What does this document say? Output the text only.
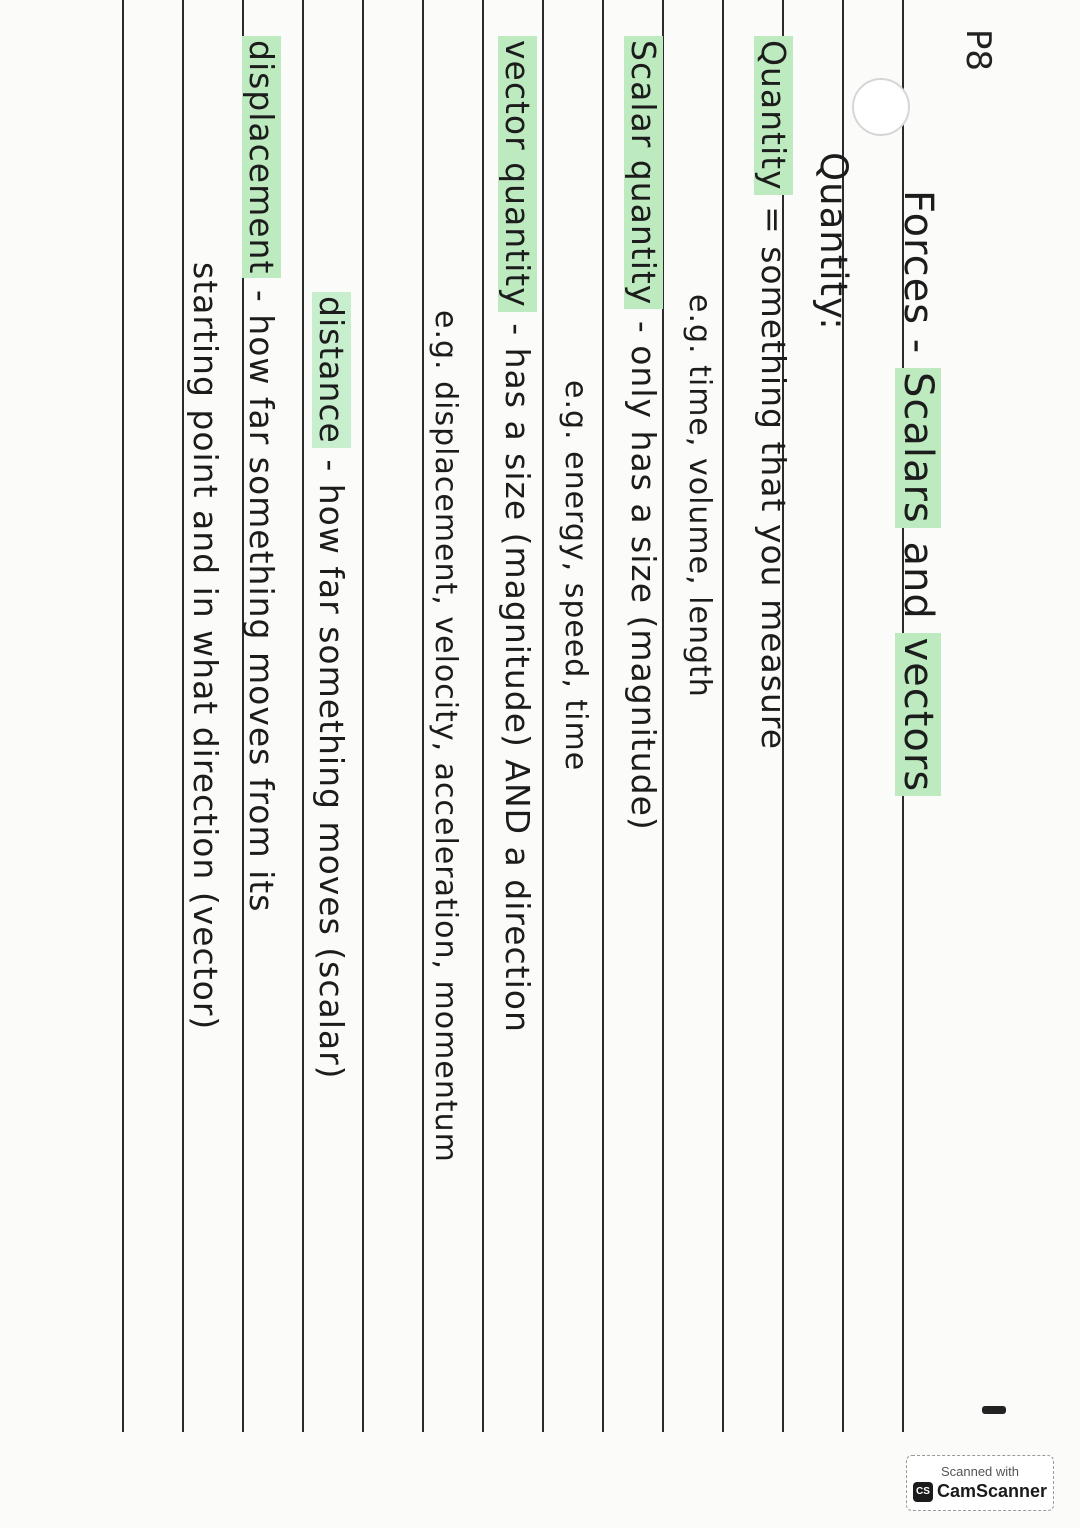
P8
Forces - Scalars and vectors
Quantity:
Quantity = something that you measure
e.g. time, volume, length
Scalar quantity - only has a size (magnitude)
e.g. energy, speed, time
vector quantity - has a size (magnitude) AND a direction
e.g. displacement, velocity, acceleration, momentum
distance - how far something moves (scalar)
displacement - how far something moves from its
starting point and in what direction (vector)
Scanned with
CS CamScanner
